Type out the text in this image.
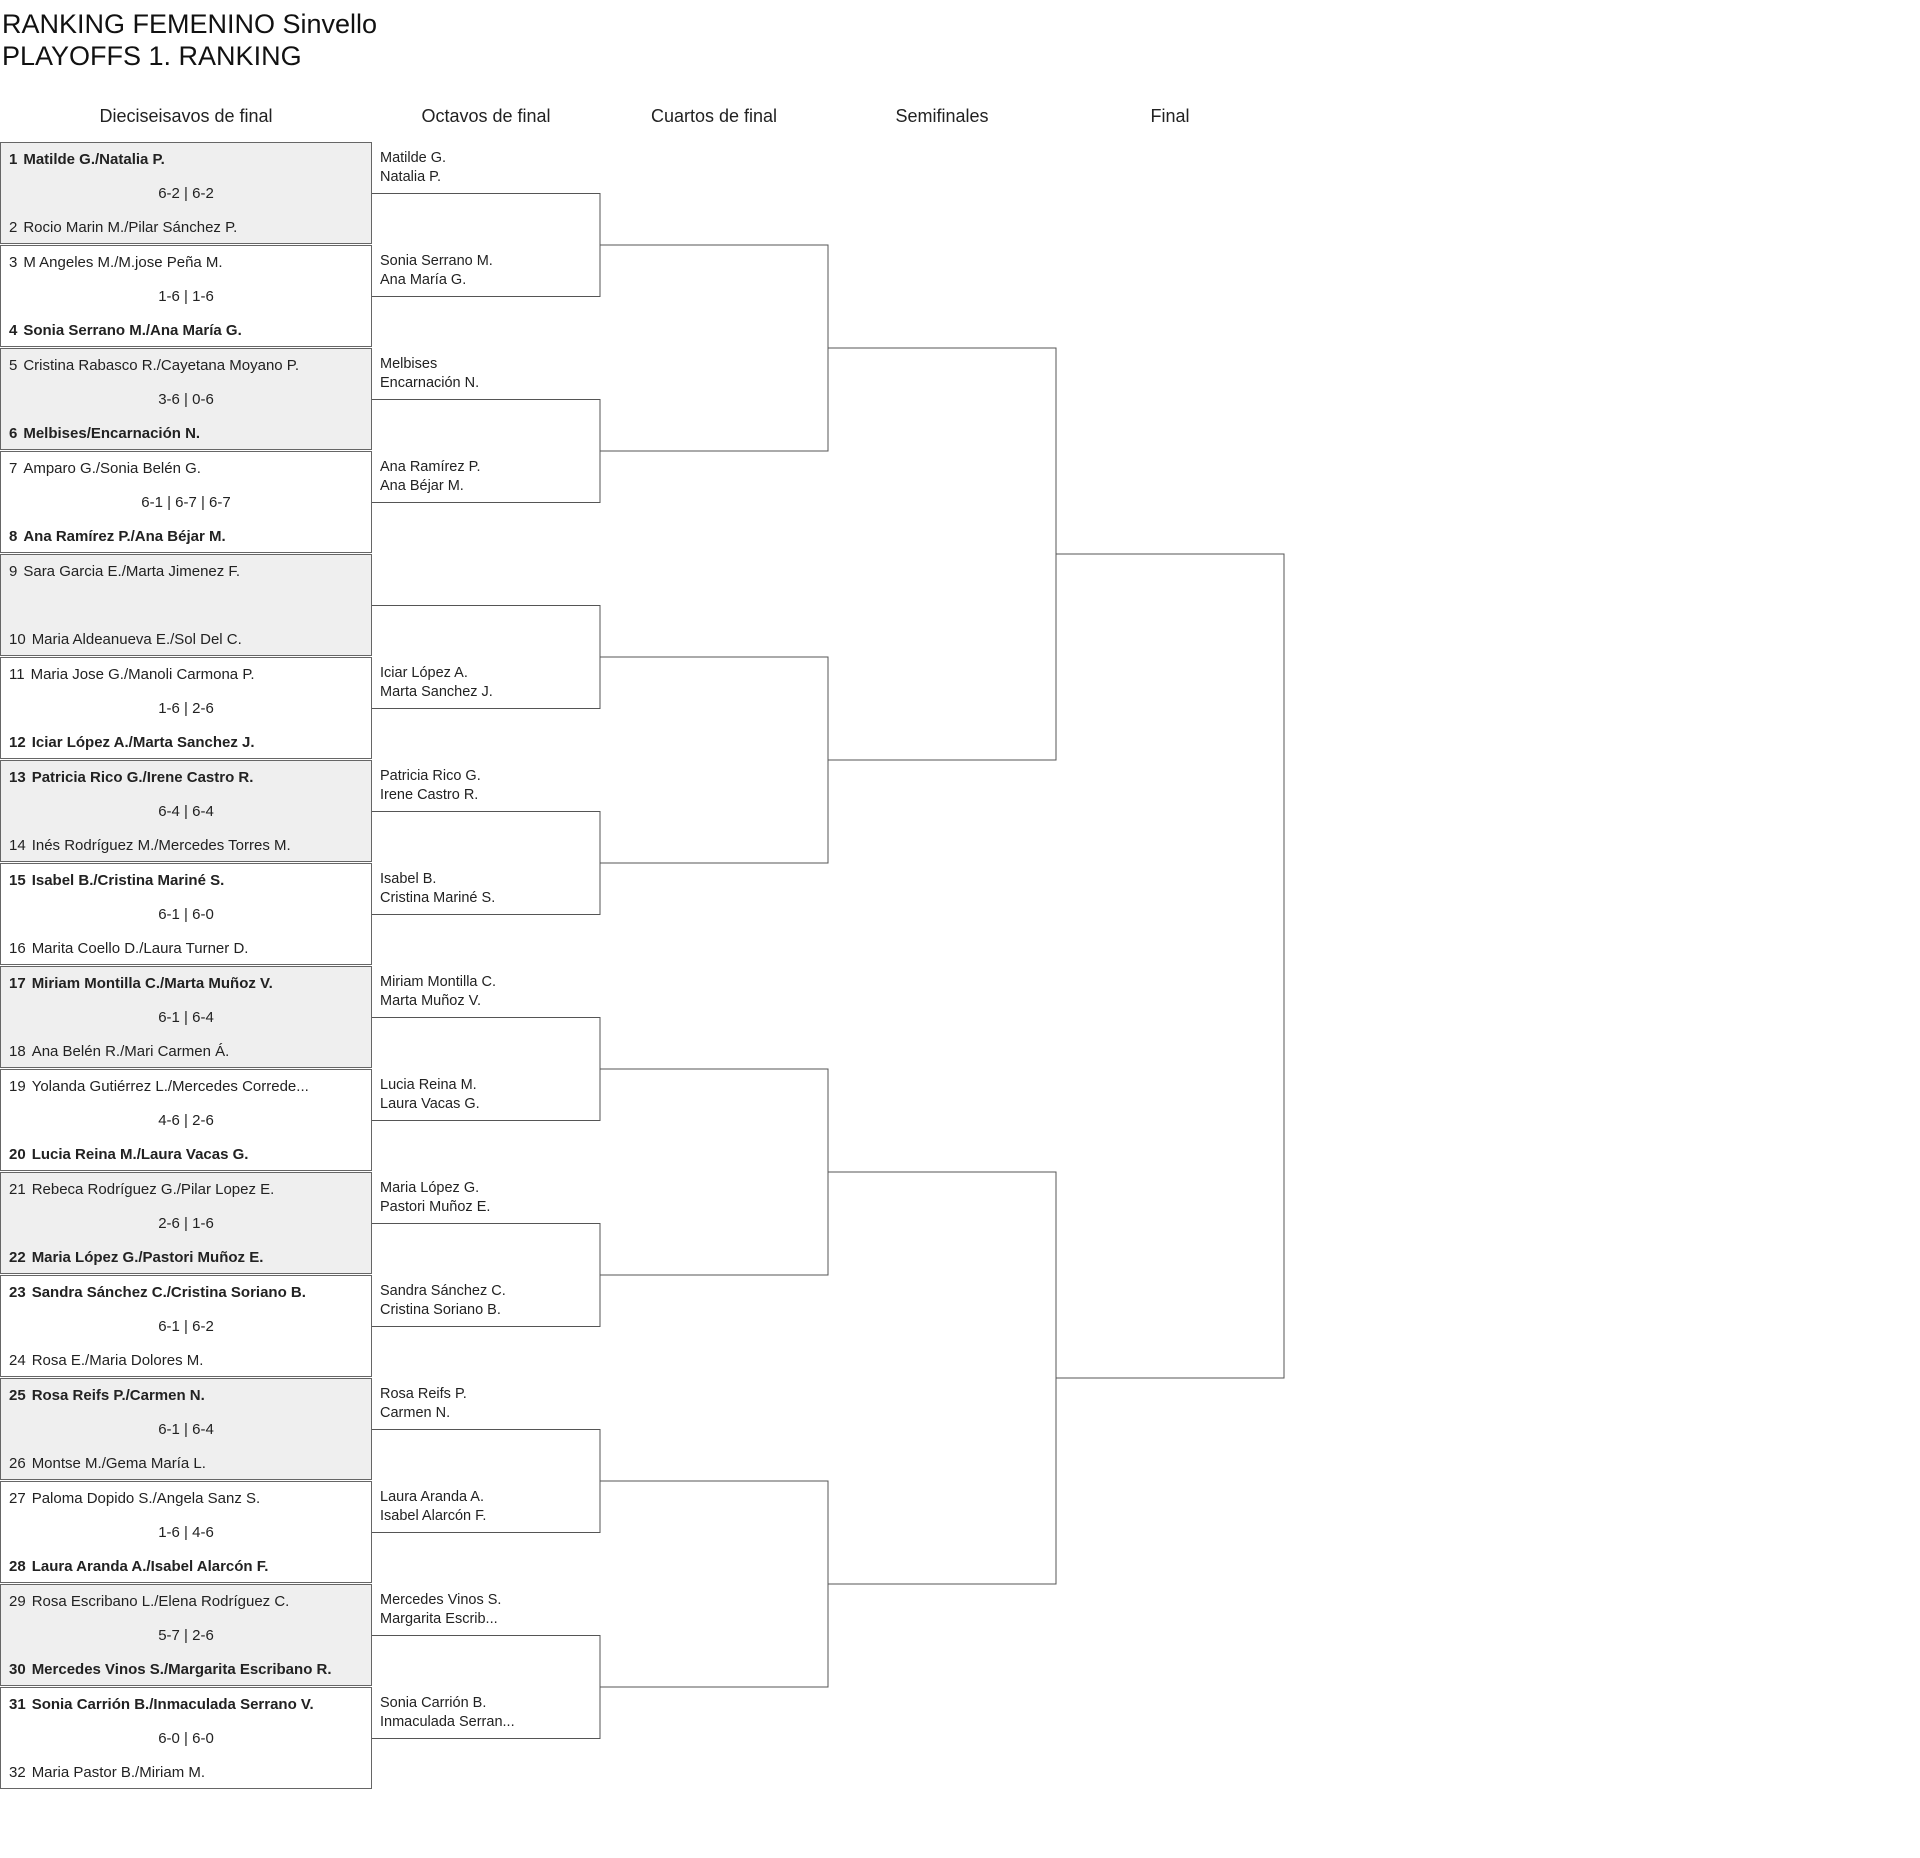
RANKING FEMENINO Sinvello
PLAYOFFS 1. RANKING
Dieciseisavos de final	Octavos de final	Cuartos de final	Semifinales	Final
1 Matilde G./Natalia P.
6-2 | 6-2
2 Rocio Marin M./Pilar Sánchez P.
3 M Angeles M./M.jose Peña M.
1-6 | 1-6
4 Sonia Serrano M./Ana María G.
5 Cristina Rabasco R./Cayetana Moyano P.
3-6 | 0-6
6 Melbises/Encarnación N.
7 Amparo G./Sonia Belén G.
6-1 | 6-7 | 6-7
8 Ana Ramírez P./Ana Béjar M.
9 Sara Garcia E./Marta Jimenez F.
10 Maria Aldeanueva E./Sol Del C.
11 Maria Jose G./Manoli Carmona P.
1-6 | 2-6
12 Iciar López A./Marta Sanchez J.
13 Patricia Rico G./Irene Castro R.
6-4 | 6-4
14 Inés Rodríguez M./Mercedes Torres M.
15 Isabel B./Cristina Mariné S.
6-1 | 6-0
16 Marita Coello D./Laura Turner D.
17 Miriam Montilla C./Marta Muñoz V.
6-1 | 6-4
18 Ana Belén R./Mari Carmen Á.
19 Yolanda Gutiérrez L./Mercedes Correde...
4-6 | 2-6
20 Lucia Reina M./Laura Vacas G.
21 Rebeca Rodríguez G./Pilar Lopez E.
2-6 | 1-6
22 Maria López G./Pastori Muñoz E.
23 Sandra Sánchez C./Cristina Soriano B.
6-1 | 6-2
24 Rosa E./Maria Dolores M.
25 Rosa Reifs P./Carmen N.
6-1 | 6-4
26 Montse M./Gema María L.
27 Paloma Dopido S./Angela Sanz S.
1-6 | 4-6
28 Laura Aranda A./Isabel Alarcón F.
29 Rosa Escribano L./Elena Rodríguez C.
5-7 | 2-6
30 Mercedes Vinos S./Margarita Escribano R.
31 Sonia Carrión B./Inmaculada Serrano V.
6-0 | 6-0
32 Maria Pastor B./Miriam M.
Matilde G.
Natalia P.
Sonia Serrano M.
Ana María G.
Melbises
Encarnación N.
Ana Ramírez P.
Ana Béjar M.
Iciar López A.
Marta Sanchez J.
Patricia Rico G.
Irene Castro R.
Isabel B.
Cristina Mariné S.
Miriam Montilla C.
Marta Muñoz V.
Lucia Reina M.
Laura Vacas G.
Maria López G.
Pastori Muñoz E.
Sandra Sánchez C.
Cristina Soriano B.
Rosa Reifs P.
Carmen N.
Laura Aranda A.
Isabel Alarcón F.
Mercedes Vinos S.
Margarita Escrib...
Sonia Carrión B.
Inmaculada Serran...
